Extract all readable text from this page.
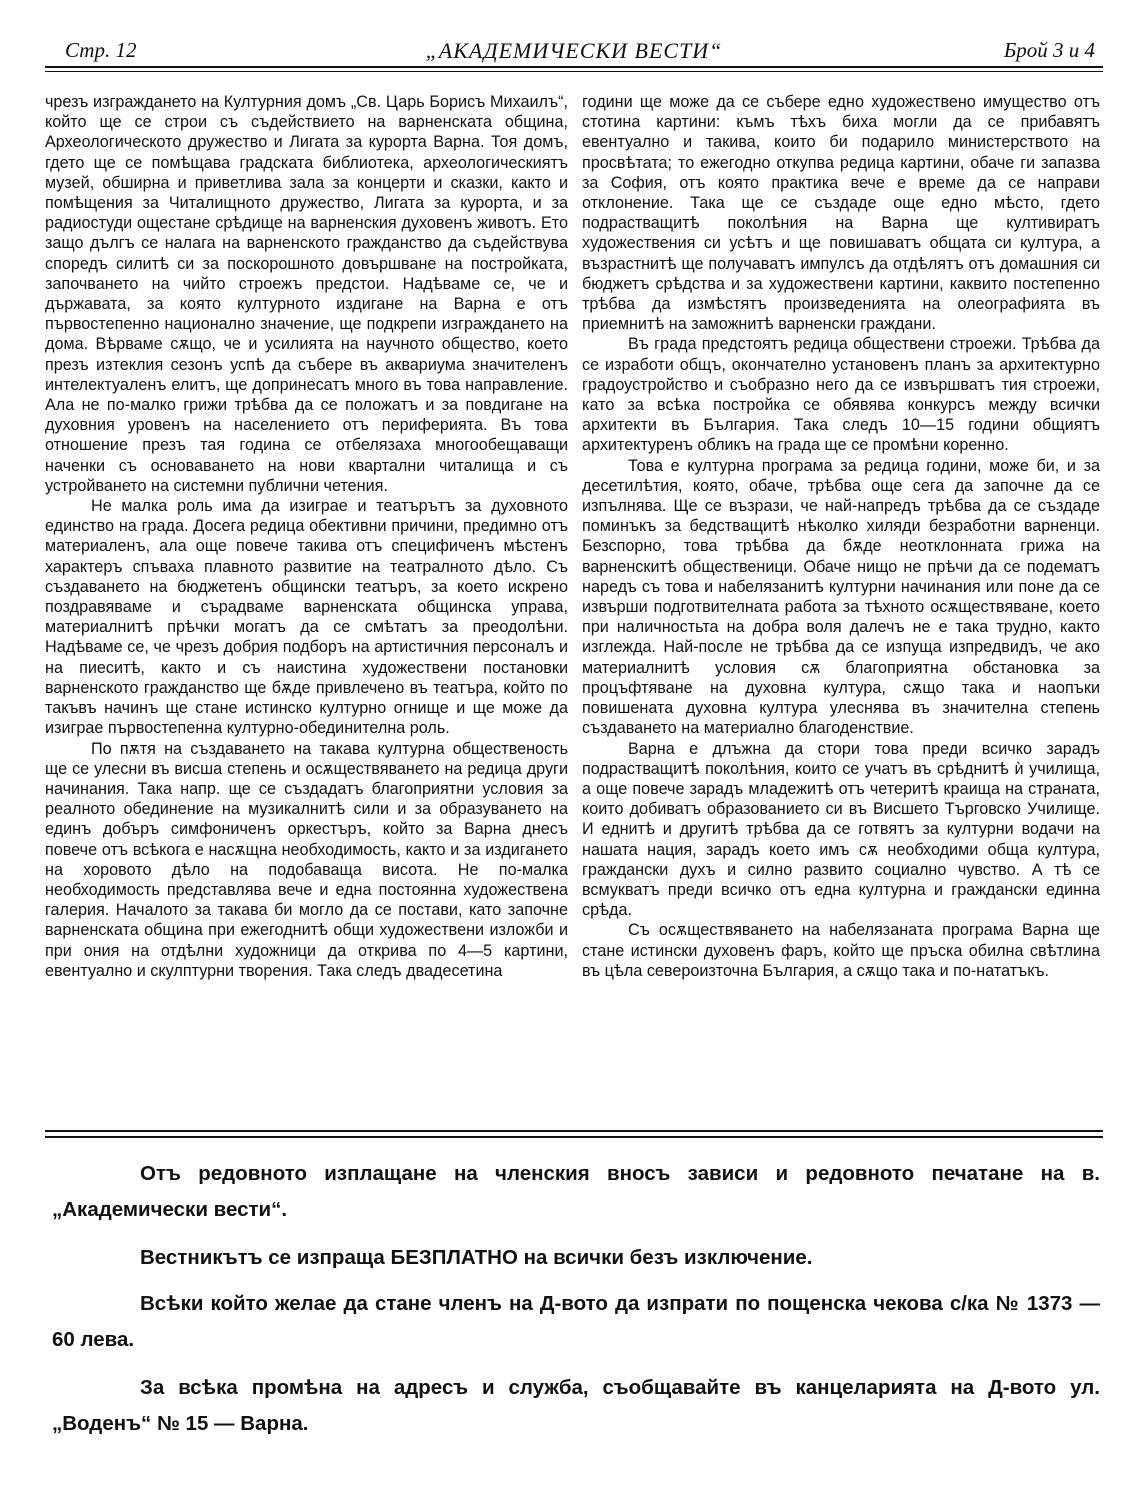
Стр. 12	„АКАДЕМИЧЕСКИ ВЕСТИ“	Брой 3 и 4

чрезъ изграждането на Културния домъ „Св. Царь Борисъ Михаилъ“, който ще се строи съ съдействието на варненската община, Археологическото дружество и Лигата за курорта Варна. Тоя домъ, гдето ще се помѣщава градската библиотека, археологическиятъ музей, обширна и приветлива зала за концерти и сказки, както и помѣщения за Читалищното дружество, Лигата за курорта, и за радиостуди ощестане срѣдище на варненския духовенъ животъ. Ето защо дългъ се налага на варненското гражданство да съдействува споредъ силитѣ си за поскорошното довършване на постройката, започването на чийто строежъ предстои. Надѣваме се, че и държавата, за която културното издигане на Варна е отъ първостепенно национално значение, ще подкрепи изграждането на дома. Вѣрваме сѫщо, че и усилията на научното общество, което презъ изтеклия сезонъ успѣ да събере въ аквариума значителенъ интелектуаленъ елитъ, ще допринесатъ много въ това направление. Ала не по-малко грижи трѣбва да се положатъ и за повдигане на духовния уровенъ на населението отъ периферията. Въ това отношение презъ тая година се отбелязаха многообещаващи наченки съ основаването на нови квартални читалища и съ устройването на системни публични четения.

Не малка роль има да изиграе и театърътъ за духовното единство на града. Досега редица обективни причини, предимно отъ материаленъ, ала още повече такива отъ специфиченъ мѣстенъ характеръ спъваха плавното развитие на театралното дѣло. Съ създаването на бюджетенъ общински театъръ, за което искрено поздравяваме и сърадваме варненската общинска управа, материалнитѣ прѣчки могатъ да се смѣтатъ за преодолѣни. Надѣваме се, че чрезъ добрия подборъ на артистичния персоналъ и на пиеситѣ, както и съ наистина художествени постановки варненското гражданство ще бѫде привлечено въ театъра, който по такъвъ начинъ ще стане истинско културно огнище и ще може да изиграе първостепенна културно-обединителна роль.

По пѫтя на създаването на такава културна общественость ще се улесни въ висша степень и осѫществяването на редица други начинания. Така напр. ще се създадатъ благоприятни условия за реалното обединение на музикалнитѣ сили и за образуването на единъ добъръ симфониченъ оркестъръ, който за Варна днесъ повече отъ всѣкога е насѫщна необходимость, както и за издигането на хоровото дѣло на подобаваща висота. Не по-малка необходимость представлява вече и една постоянна художествена галерия. Началото за такава би могло да се постави, като започне варненската община при ежегоднитѣ общи художествени изложби и при ония на отдѣлни художници да открива по 4—5 картини, евентуално и скулптурни творения. Така следъ двадесетина

години ще може да се събере едно художествено имущество отъ стотина картини: къмъ тѣхъ биха могли да се прибавятъ евентуално и такива, които би подарило министерството на просвѣтата; то ежегодно откупва редица картини, обаче ги запазва за София, отъ която практика вече е време да се направи отклонение. Така ще се създаде още едно мѣсто, гдето подрастващитѣ поколѣния на Варна ще култивиратъ художествения си усѣтъ и ще повишаватъ общата си култура, а възрастнитѣ ще получаватъ импулсъ да отдѣлятъ отъ домашния си бюджетъ срѣдства и за художествени картини, каквито постепенно трѣбва да измѣстятъ произведенията на олеографията въ приемнитѣ на заможнитѣ варненски граждани.

Въ града предстоятъ редица обществени строежи. Трѣбва да се изработи общъ, окончателно установенъ планъ за архитектурно градоустройство и съобразно него да се извършватъ тия строежи, като за всѣка постройка се обявява конкурсъ между всички архитекти въ България. Така следъ 10—15 години общиятъ архитектуренъ обликъ на града ще се промѣни коренно.

Това е културна програма за редица години, може би, и за десетилѣтия, която, обаче, трѣбва още сега да започне да се изпълнява. Ще се възрази, че най-напредъ трѣбва да се създаде поминъкъ за бедстващитѣ нѣколко хиляди безработни варненци. Безспорно, това трѣбва да бѫде неотклонната грижа на варненскитѣ общественици. Обаче нищо не прѣчи да се подематъ наредъ съ това и набелязанитѣ културни начинания или поне да се извърши подготвителната работа за тѣхното осѫществяване, което при наличностьта на добра воля далечъ не е така трудно, както изглежда. Най-после не трѣбва да се изпуща изпредвидъ, че ако материалнитѣ условия сѫ благоприятна обстановка за процъфтяване на духовна култура, сѫщо така и наопъки повишената духовна култура улеснява въ значителна степень създаването на материално благоденствие.

Варна е длъжна да стори това преди всичко зарадъ подрастващитѣ поколѣния, които се учатъ въ срѣднитѣ ѝ училища, а още повече зарадъ младежитѣ отъ четеритѣ краища на страната, които добиватъ образованието си въ Висшето Търговско Училище. И еднитѣ и другитѣ трѣбва да се готвятъ за културни водачи на нашата нация, зарадъ което имъ сѫ необходими обща култура, граждански духъ и силно развито социално чувство. А тѣ се всмукватъ преди всичко отъ една културна и граждански единна срѣда.

Съ осѫществяването на набелязаната програма Варна ще стане истински духовенъ фаръ, който ще пръска обилна свѣтлина въ цѣла североизточна България, а сѫщо така и по-нататъкъ.

Отъ редовното изплащане на членския вносъ зависи и редовното печатане на в. „Академически вести“.
Вестникътъ се изпраща БЕЗПЛАТНО на всички безъ изключение.
Всѣки който желае да стане членъ на Д-вото да изпрати по пощенска чекова с/ка № 1373 — 60 лева.
За всѣка промѣна на адресъ и служба, съобщавайте въ канцеларията на Д-вото ул. „Воденъ“ № 15 — Варна.
